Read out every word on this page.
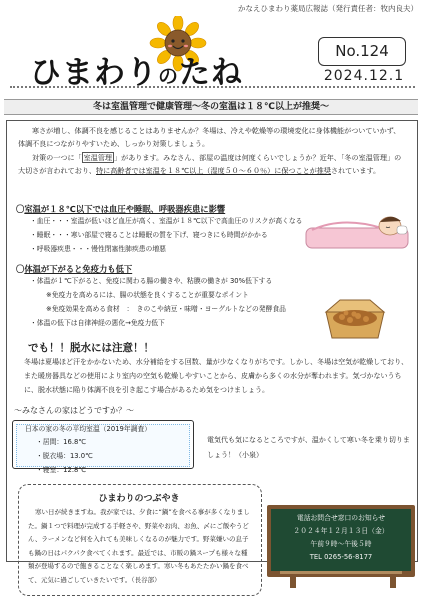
かなえひまわり薬局広報誌（発行責任者：牧内良夫）
ひまわりのたね
No.124
2024.12.1
冬は室温管理で健康管理～冬の室温は１８℃以上が推奨～
寒さが増し、体調不良を感じることはありませんか？冬場は、冷えや乾燥等の環境変化に身体機能がついていかず、体調不良につながりやすいため、しっかり対策しましょう。
対策の一つに「 室温管理 」があります。みなさん、部屋の温度は何度くらいでしょうか？近年、「冬の室温管理」の大切さが言われており、特に高齢者では室温を１８℃以上（湿度５０～６０％）に保つことが推奨されています。
〇室温が１８℃以下では血圧や睡眠、呼吸器疾患に影響
・血圧・・・室温が低いほど血圧が高く、室温が１８℃以下で高血圧のリスクが高くなる
・睡眠・・・寒い部屋で寝ることは睡眠の質を下げ、寝つきにも時間がかかる
・呼吸器疾患・・・慢性閉塞性肺疾患の増悪
〇体温が下がると免疫力も低下
・体温が１℃下がると、免疫に関わる腸の働きや、粘膜の働きが 30%低下する
※免疫力を高めるには、腸の状態を良くすることが重要なポイント
※免疫効果を高める食材　：　きのこや納豆・味噌・ヨーグルトなどの発酵食品
・体温の低下は自律神経の悪化→免疫力低下
でも！！脱水には注意！！
冬場は夏場ほど汗をかかないため、水分補給をする回数、量が少なくなりがちです。しかし、冬場は空気が乾燥しており、また暖房器具などの使用により室内の空気も乾燥しやすいことから、皮膚から多くの水分が奪われます。気づかないうちに、脱水状態に陥り体調不良を引き起こす場合があるため気をつけましょう。
～みなさんの家はどうですか？～
日本の家の冬の平均室温（2019年調査）
・居間：16.8℃
・脱衣場：13.0℃
・寝室：12.8℃
電気代も気になるところですが、温かくして寒い冬を乗り切りましょう！（小泉）
ひまわりのつぶやき
寒い日が続きますね。我が家では、夕食に“鍋”を食べる事が多くなりました。鍋１つで料理が完成する手軽さや、野菜やお肉、お魚、〆にご飯やうどん、ラーメンなど何を入れても美味しくなるのが魅力です。野菜嫌いの息子も鍋の日はパクパク食べてくれます。最近では、市販の鍋スープも様々な種類が登場するので飽きることなく楽しめます。寒い冬もあたたかい鍋を食べて、元気に過ごしていきたいです。（長谷部）
電話お問合せ窓口のお知らせ
２０２４年１２月１３日（金）
午前９時～午後５時
TEL 0265-56-8177
